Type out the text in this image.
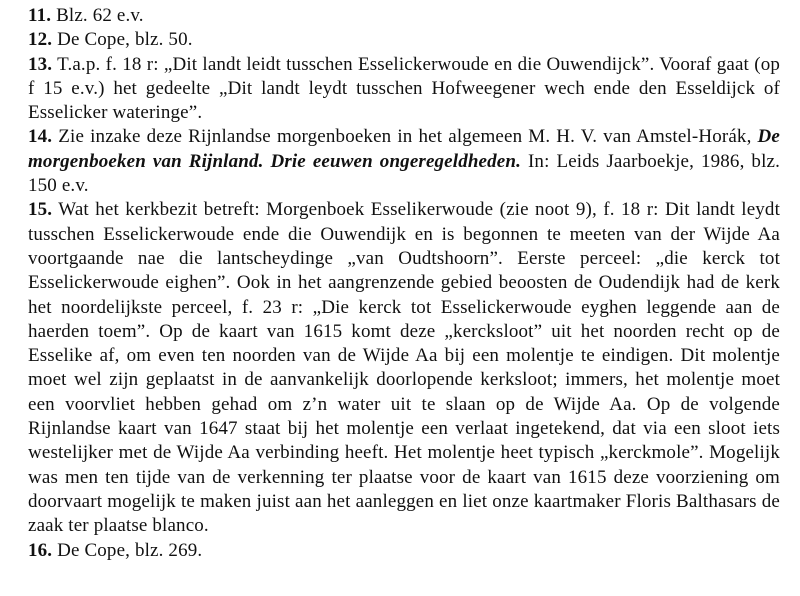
11. Blz. 62 e.v.

12. De Cope, blz. 50.

13. T.a.p. f. 18 r: „Dit landt leidt tusschen Esselickerwoude en die Ouwendijck”. Vooraf gaat (op f 15 e.v.) het gedeelte „Dit landt leydt tusschen Hofweegener wech ende den Esseldijck of Esselicker wateringe”.

14. Zie inzake deze Rijnlandse morgenboeken in het algemeen M. H. V. van Amstel-Horák, De morgenboeken van Rijnland. Drie eeuwen ongeregeldheden. In: Leids Jaarboekje, 1986, blz. 150 e.v.

15. Wat het kerkbezit betreft: Morgenboek Esselikerwoude (zie noot 9), f. 18 r: Dit landt leydt tusschen Esselickerwoude ende die Ouwendijk en is begonnen te meeten van der Wijde Aa voortgaande nae die lantscheydinge „van Oudtshoorn”. Eerste perceel: „die kerck tot Esselickerwoude eighen”. Ook in het aangrenzende gebied beoosten de Oudendijk had de kerk het noordelijkste perceel, f. 23 r: „Die kerck tot Esselickerwoude eyghen leggende aan de haerden toem”. Op de kaart van 1615 komt deze „kercksloot” uit het noorden recht op de Esselike af, om even ten noorden van de Wijde Aa bij een molentje te eindigen. Dit molentje moet wel zijn geplaatst in de aanvankelijk doorlopende kerksloot; immers, het molentje moet een voorvliet hebben gehad om z’n water uit te slaan op de Wijde Aa. Op de volgende Rijnlandse kaart van 1647 staat bij het molentje een verlaat ingetekend, dat via een sloot iets westelijker met de Wijde Aa verbinding heeft. Het molentje heet typisch „kerckmole”. Mogelijk was men ten tijde van de verkenning ter plaatse voor de kaart van 1615 deze voorziening om doorvaart mogelijk te maken juist aan het aanleggen en liet onze kaartmaker Floris Balthasars de zaak ter plaatse blanco.

16. De Cope, blz. 269.
